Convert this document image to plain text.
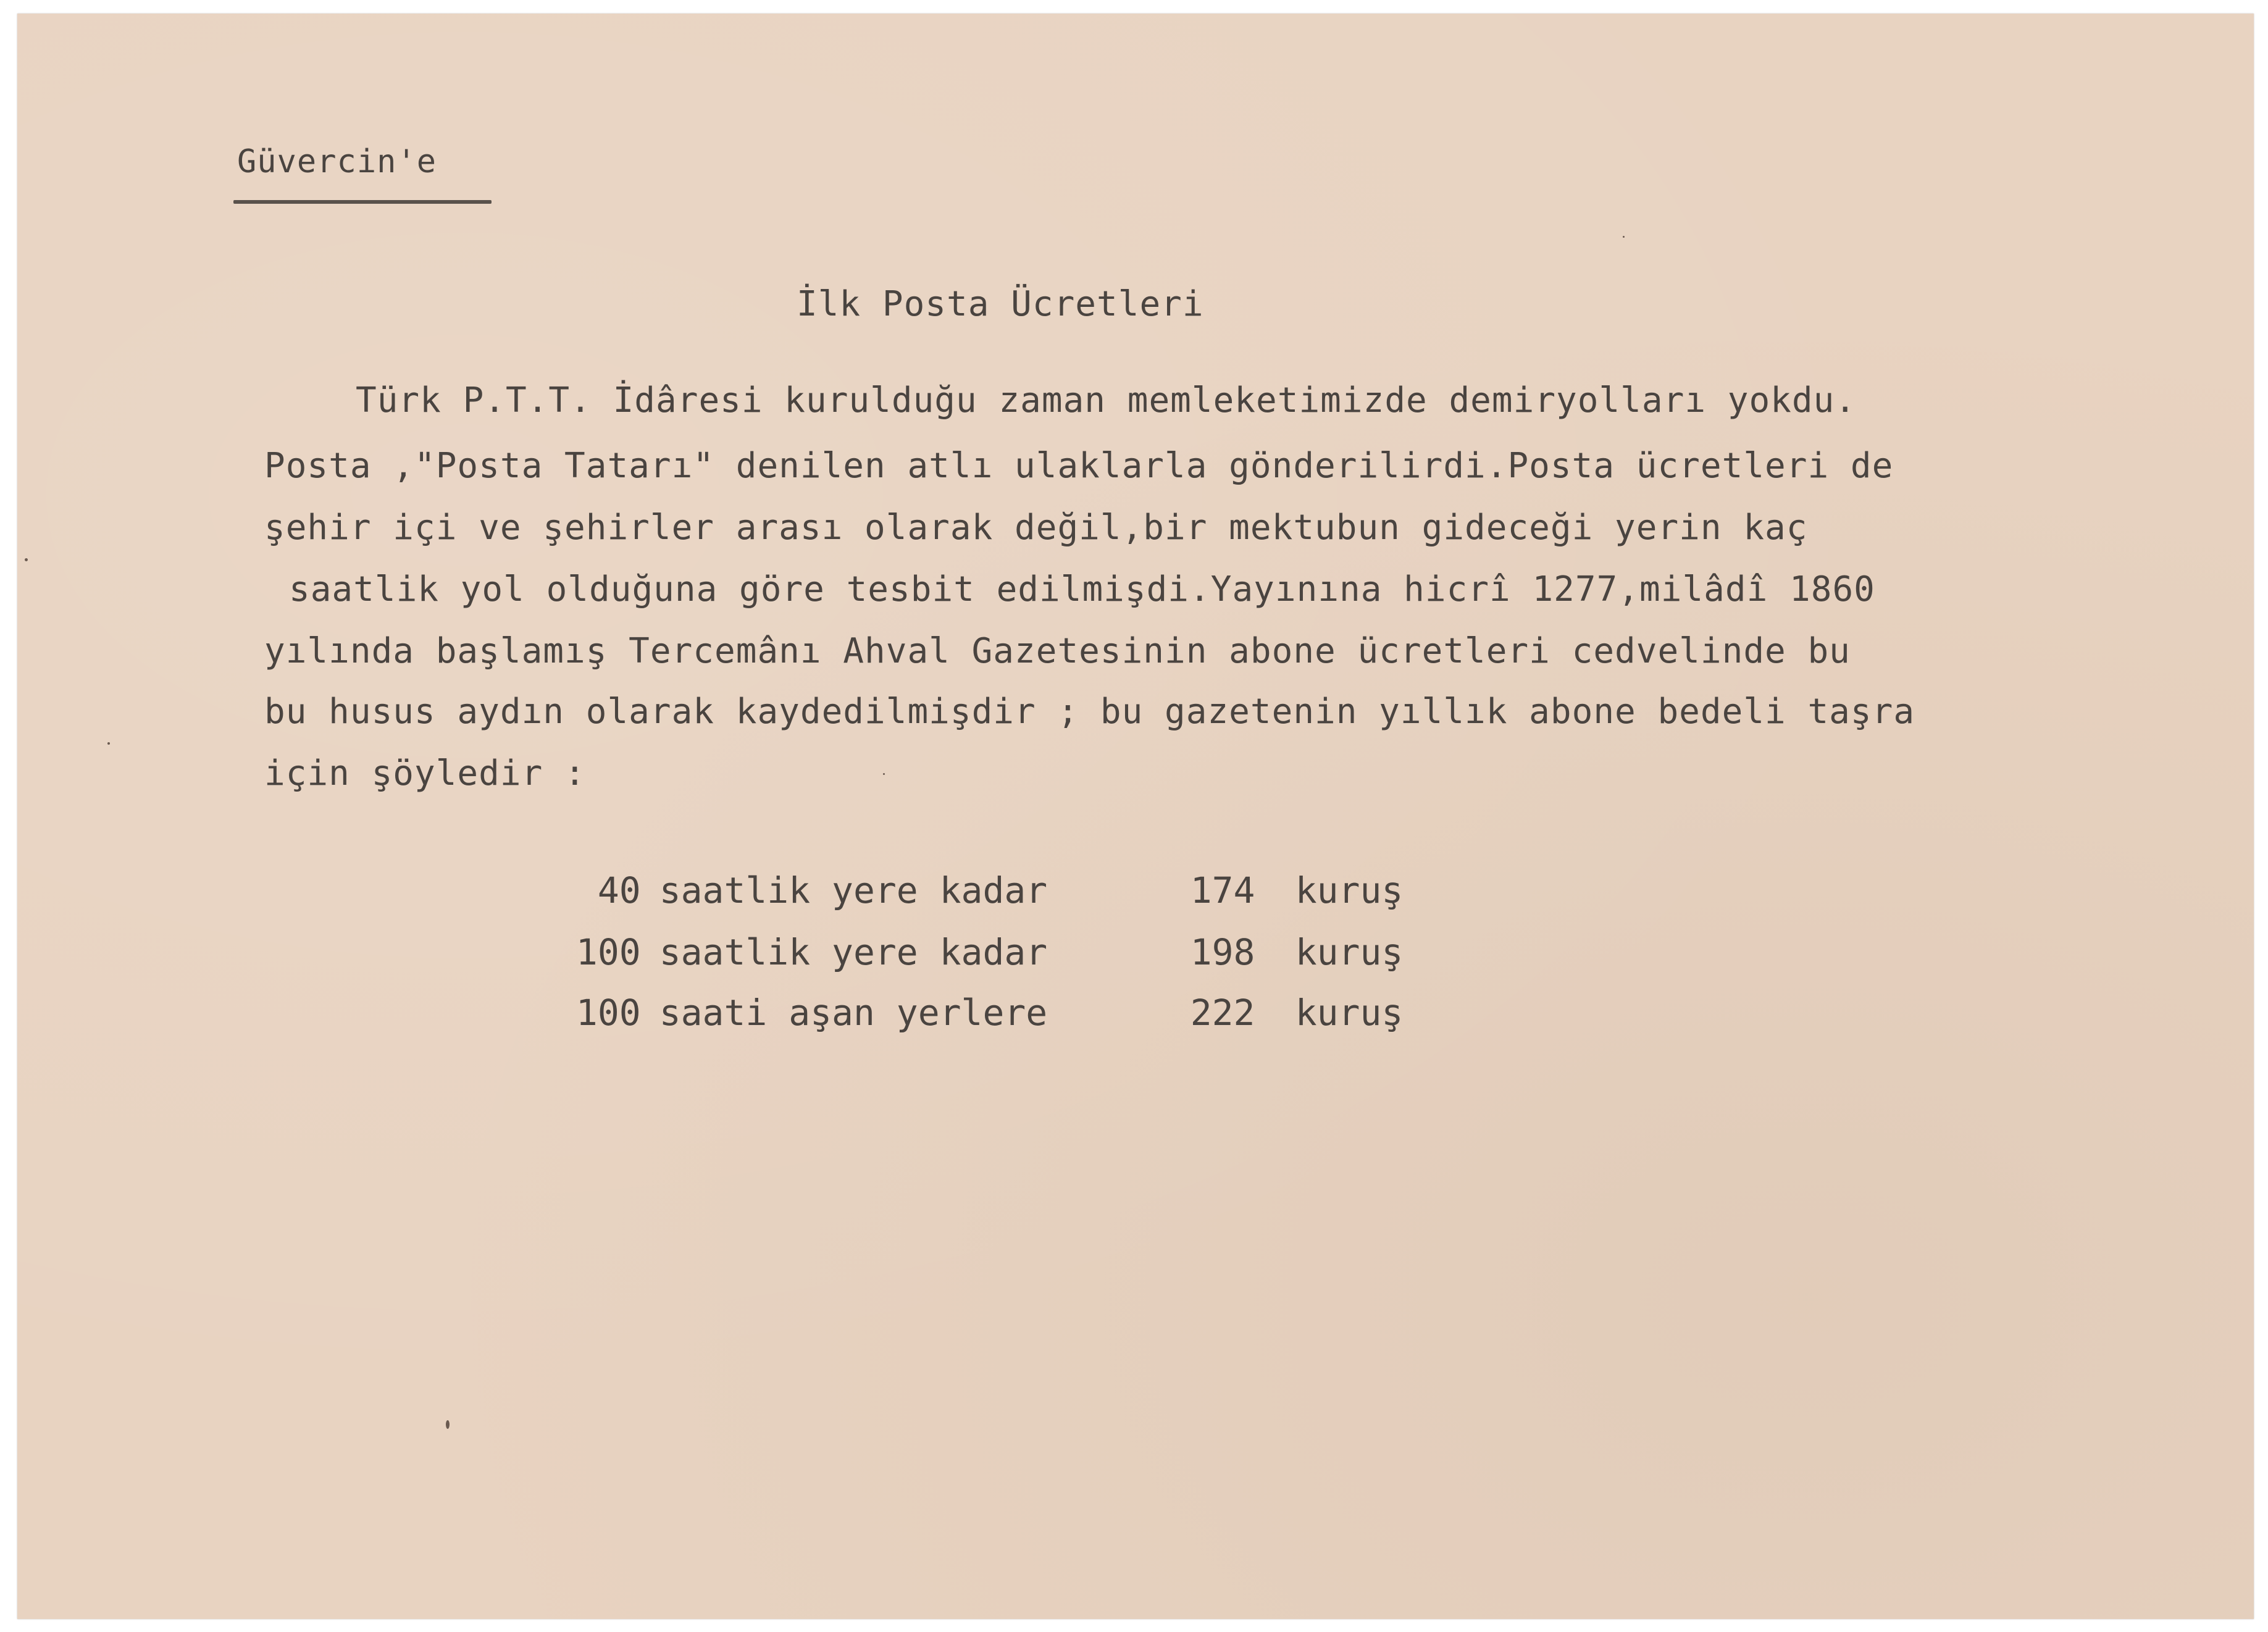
Güvercin'e
İlk Posta Ücretleri
Türk P.T.T. İdâresi kurulduğu zaman memleketimizde demiryolları yokdu.
Posta ,"Posta Tatarı" denilen atlı ulaklarla gönderilirdi.Posta ücretleri de
şehir içi ve şehirler arası olarak değil,bir mektubun gideceği yerin kaç
saatlik yol olduğuna göre tesbit edilmişdi.Yayınına hicrî 1277,milâdî 1860
yılında başlamış Tercemânı Ahval Gazetesinin abone ücretleri cedvelinde bu
bu husus aydın olarak kaydedilmişdir ; bu gazetenin yıllık abone bedeli taşra
için şöyledir :

40 saatlik yere kadar	174 kuruş

100 saatlik yere kadar	198 kuruş

100 saati aşan yerlere	222 kuruş
